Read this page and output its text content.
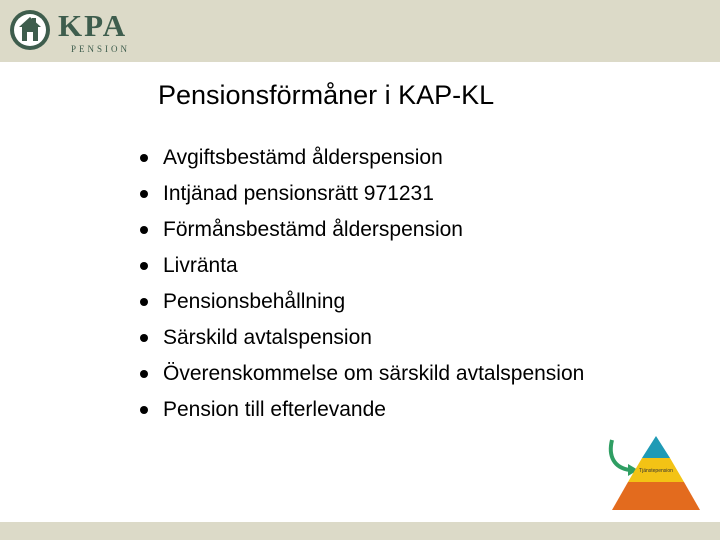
KPA
PENSION
Pensionsförmåner i KAP-KL
Avgiftsbestämd ålderspension
Intjänad pensionsrätt 971231
Förmånsbestämd ålderspension
Livränta
Pensionsbehållning
Särskild avtalspension
Överenskommelse om särskild avtalspension
Pension till efterlevande
Tjänstepension
